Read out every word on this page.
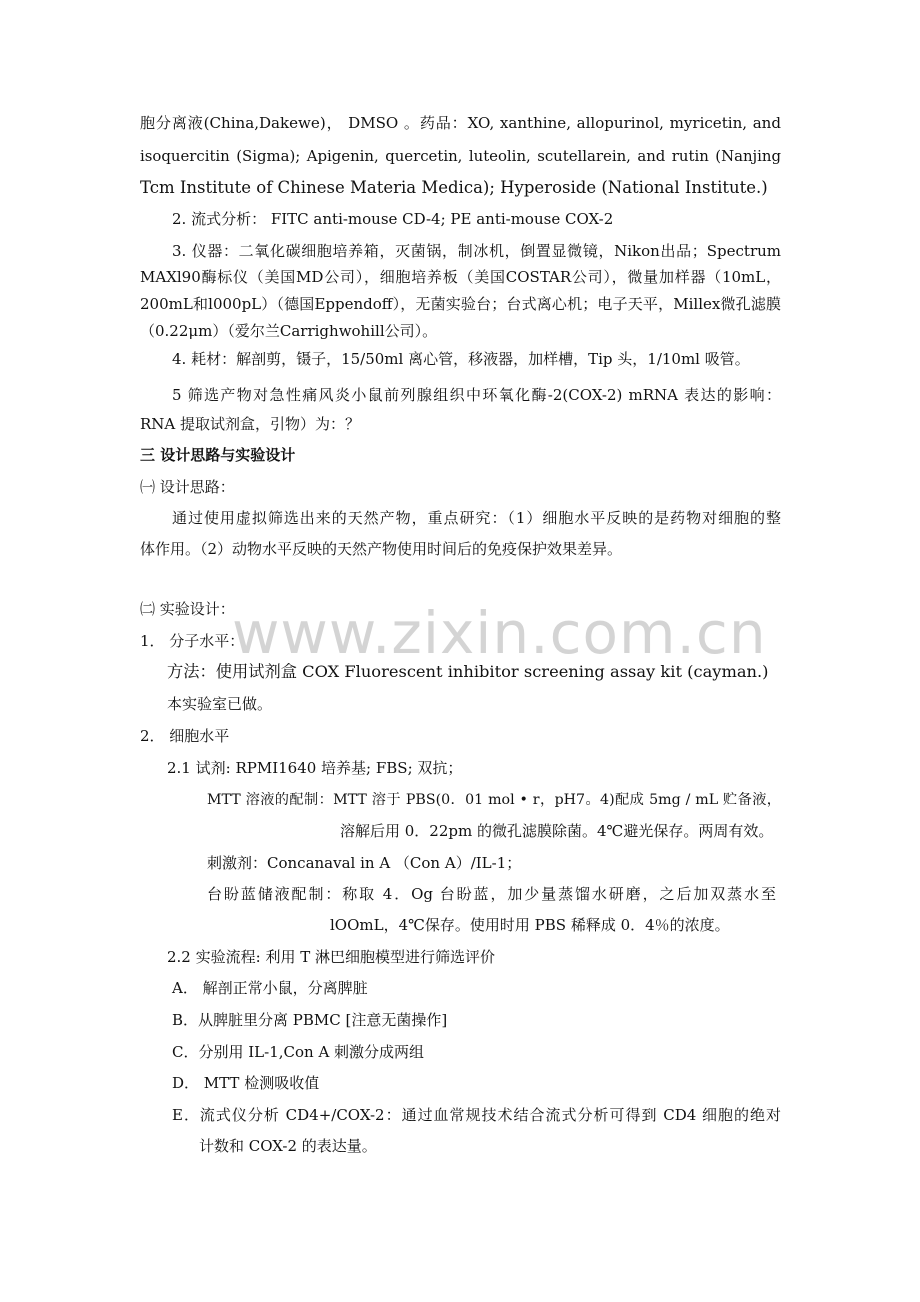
www.zixin.com.cn
胞分离液(China,Dakewe)， DMSO 。药品：XO, xanthine, allopurinol, myricetin, and
isoquercitin (Sigma); Apigenin, quercetin, luteolin, scutellarein, and rutin (Nanjing
Tcm Institute of Chinese Materia Medica); Hyperoside (National Institute.)
2. 流式分析： FITC anti-mouse CD-4; PE anti-mouse COX-2
3. 仪器：二氧化碳细胞培养箱，灭菌锅，制冰机，倒置显微镜，Nikon出品；Spectrum
MAXl90酶标仪（美国MD公司），细胞培养板（美国COSTAR公司），微量加样器（10mL，
200mL和l000pL）（德国Eppendoff），无菌实验台；台式离心机；电子天平，Millex微孔滤膜
（0.22μm）（爱尔兰Carrighwohill公司）。
4. 耗材：解剖剪，镊子，15/50ml 离心管，移液器，加样槽，Tip 头，1/10ml 吸管。
5 筛选产物对急性痛风炎小鼠前列腺组织中环氧化酶-2(COX-2) mRNA 表达的影响：
RNA 提取试剂盒，引物）为：？
三 设计思路与实验设计
㈠ 设计思路：
通过使用虚拟筛选出来的天然产物，重点研究：（1）细胞水平反映的是药物对细胞的整
体作用。（2）动物水平反映的天然产物使用时间后的免疫保护效果差异。
㈡ 实验设计：
1． 分子水平：
方法：使用试剂盒 COX Fluorescent inhibitor screening assay kit (cayman.)
本实验室已做。
2． 细胞水平
2.1 试剂: RPMI1640 培养基; FBS; 双抗；
MTT 溶液的配制：MTT 溶于 PBS(0．01 mol • r，pH7。4)配成 5mg / mL 贮备液，
溶解后用 0．22pm 的微孔滤膜除菌。4℃避光保存。两周有效。
刺激剂：Concanaval in A （Con A）/IL-1；
台盼蓝储液配制：称取 4．Og 台盼蓝，加少量蒸馏水研磨，之后加双蒸水至
lOOmL，4℃保存。使用时用 PBS 稀释成 0．4％的浓度。
2.2 实验流程: 利用 T 淋巴细胞模型进行筛选评价
A． 解剖正常小鼠，分离脾脏
B．从脾脏里分离 PBMC [注意无菌操作]
C．分别用 IL-1,Con A 刺激分成两组
D． MTT 检测吸收值
E．流式仪分析 CD4+/COX-2：通过血常规技术结合流式分析可得到 CD4 细胞的绝对
计数和 COX-2 的表达量。
